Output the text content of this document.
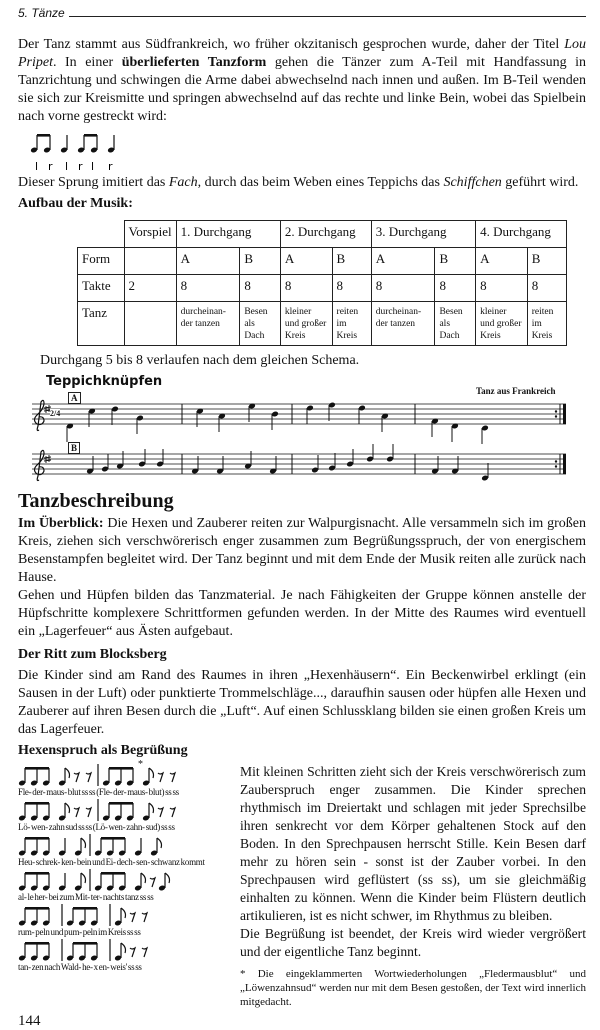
5. Tänze

Der Tanz stammt aus Südfrankreich, wo früher okzitanisch gesprochen wurde, daher der Titel Lou Pripet. In einer überlieferten Tanzform gehen die Tänzer zum A-Teil mit Handfassung in Tanzrichtung und schwingen die Arme dabei abwechselnd nach innen und außen. Im B-Teil wenden sie sich zur Kreismitte und springen abwechselnd auf das rechte und linke Bein, wobei das Spielbein nach vorne gestreckt wird:

l r l r l r

Dieser Sprung imitiert das Fach, durch das beim Weben eines Teppichs das Schiffchen geführt wird.

Aufbau der Musik:
	Vorspiel	1. Durchgang		2. Durchgang		3. Durchgang		4. Durchgang	
Form		A	B	A	B	A	B	A	B
Takte	2	8	8	8	8	8	8	8	8
Tanz		durcheinan-der tanzen	Besen als Dach	kleiner und großer Kreis	reiten im Kreis	durcheinan-der tanzen	Besen als Dach	kleiner und großer Kreis	reiten im Kreis
Durchgang 5 bis 8 verlaufen nach dem gleichen Schema.
Teppichknüpfen
Tanz aus Frankreich
A
2/4
B
Tanzbeschreibung

Im Überblick: Die Hexen und Zauberer reiten zur Walpurgisnacht. Alle versammeln sich im großen Kreis, ziehen sich verschwörerisch enger zusammen zum Begrüßungsspruch, der von energischem Besenstampfen begleitet wird. Der Tanz beginnt und mit dem Ende der Musik reiten alle zurück nach Hause.

Gehen und Hüpfen bilden das Tanzmaterial. Je nach Fähigkeiten der Gruppe können anstelle der Hüpfschritte komplexere Schrittformen gefunden werden. In der Mitte des Raumes wird eventuell ein „Lagerfeuer“ aus Ästen aufgebaut.

Der Ritt zum Blocksberg

Die Kinder sind am Rand des Raumes in ihren „Hexenhäusern“. Ein Beckenwirbel erklingt (ein Sausen in der Luft) oder punktierte Trommelschläge..., daraufhin sausen oder hüpfen alle Hexen und Zauberer auf ihren Besen durch die „Luft“. Auf einen Schlussklang bilden sie einen großen Kreis um das Lagerfeuer.

Hexenspruch als Begrüßung
*
Fle- der- maus- blut ss ss (Fle- der- maus- blut) ss ss
Lö- wen- zahn sud ss ss (Lö- wen- zahn- sud) ss ss
Heu- schrek- ken- bein und Ei- dech- sen- schwanz kommt
al- le her- bei zum Mit- ter- nachts tanz ss ss
rum- peln und pum- peln im Kreis ss ss
tan- zen nach Wald- he- x en- weis' ss ss

Mit kleinen Schritten zieht sich der Kreis verschwörerisch zum Zauberspruch enger zusammen. Die Kinder sprechen rhythmisch im Dreiertakt und schlagen mit jeder Sprechsilbe ihren senkrecht vor dem Körper gehaltenen Stock auf den Boden. In den Sprechpausen herrscht Stille. Kein Besen darf mehr zu hören sein - sonst ist der Zauber vorbei. In den Sprechpausen wird geflüstert (ss ss), um sie gleichmäßig einhalten zu können. Wenn die Kinder beim Flüstern deutlich artikulieren, ist es nicht schwer, im Rhythmus zu bleiben.

Die Begrüßung ist beendet, der Kreis wird wieder vergrößert und der eigentliche Tanz beginnt.

* Die eingeklammerten Wortwiederholungen „Fledermausblut“ und „Löwenzahnsud“ werden nur mit dem Besen gestoßen, der Text wird innerlich mitgedacht.

144
